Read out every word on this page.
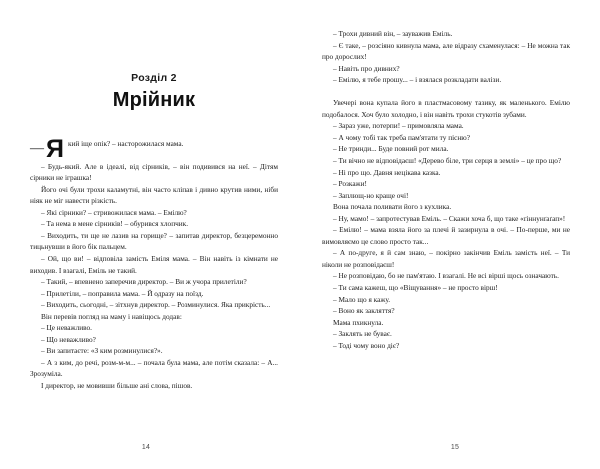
Розділ 2
Мрійник

— Я кий іще опік? – насторожилася мама.

– Будь-який. Але в ідеалі, від сірників, – він подивився на неї. – Дітям сірники не іграшка!

Його очі були трохи каламутні, він часто кліпав і дивно крутив ними, ніби ніяк не міг навести різкість.

– Які сірники? – стривожилася мама. – Емілю?

– Та нема в мене сірників! – обурився хлопчик.

– Виходить, ти ще не лазив на горище? – запитав директор, безцеремонно тицьнувши в його бік пальцем.

– Ой, що ви! – відповіла замість Еміля мама. – Він навіть із кімнати не виходив. І взагалі, Еміль не такий.

– Такий, – впевнено заперечив директор. – Ви ж учора прилетіли?

– Прилетіли, – поправила мама. – Й одразу на поїзд.

– Виходить, сьогодні, – зітхнув директор. – Розминулися. Яка прикрість...

Він перевів погляд на маму і навіщось додав:

– Це неважливо.

– Що неважливо?

– Ви запитаєте: «З ким розминулися?».

– А з ким, до речі, розм-м-м... – почала була мама, але потім сказала: – А... Зрозуміла.

І директор, не мовивши більше ані слова, пішов.

14

– Трохи дивний він, – зауважив Еміль.

– Є таке, – розсіяно кивнула мама, але відразу схаменулася: – Не можна так про дорослих!

– Навіть про дивних?

– Емілю, я тебе прошу... – і взялася розкладати валізи.

Увечері вона купала його в пластмасовому тазику, як маленького. Емілю подобалося. Хоч було холодно, і він навіть трохи стукотів зубами.

– Зараз уже, потерпи! – примовляла мама.

– А чому тобі так треба пам'ятати ту пісню?

– Не тринди... Буде повний рот мила.

– Ти вічно не відповідаєш! «Дерево біле, три серця в землі» – це про що?

– Ні про що. Давня нецікава казка.

– Розкажи!

– Заплющ-но краще очі!

Вона почала поливати його з кухлика.

– Ну, мамо! – запротестував Еміль. – Скажи хоча б, що таке «ґіннунґаґап»!

– Емілю! – мама взяла його за плечі й зазирнула в очі. – По-перше, ми не вимовляємо це слово просто так...

– А по-друге, я й сам знаю, – покірно закінчив Еміль замість неї. – Ти ніколи не розповідаєш!

– Не розповідаю, бо не пам'ятаю. І взагалі. Не всі вірші щось означають.

– Ти сама кажеш, що «Віщування» – не просто вірш!

– Мало що я кажу.

– Воно як закляття?

Мама пхикнула.

– Заклять не буває.

– Тоді чому воно діє?

15
